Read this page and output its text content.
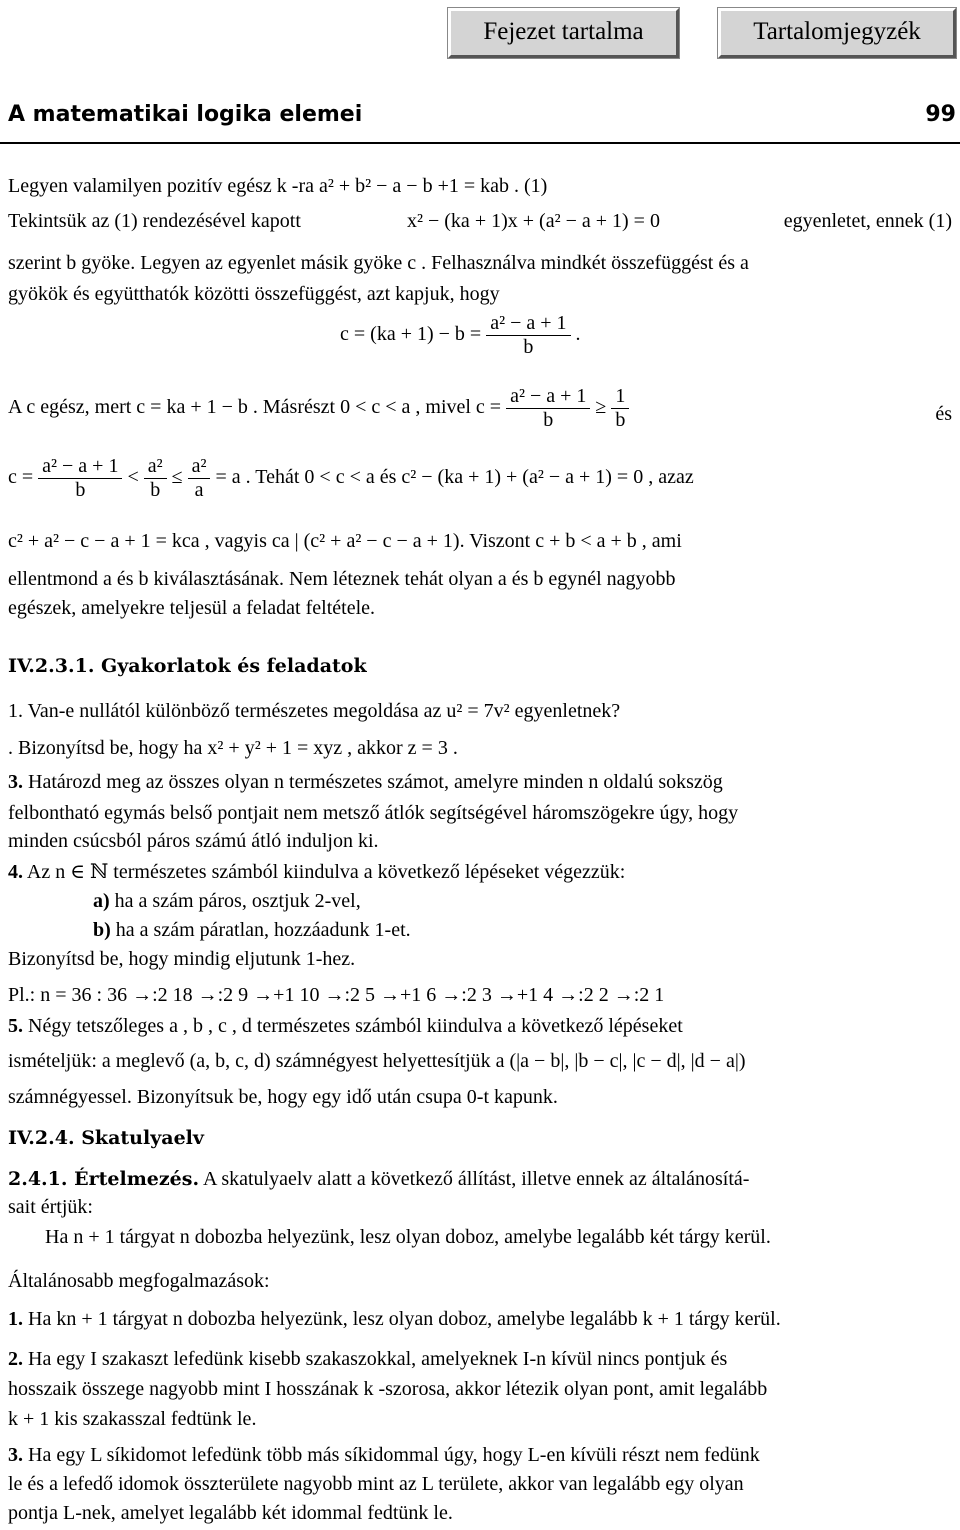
Fejezet tartalma	Tartalomjegyzék
A matematikai logika elemei	99
Legyen valamilyen pozitív egész k -ra a² + b² − a − b +1 = kab . (1)
Tekintsük az (1) rendezésével kapott	x² − (ka + 1)x + (a² − a + 1) = 0	egyenletet, ennek (1)
szerint b gyöke. Legyen az egyenlet másik gyöke c . Felhasználva mindkét összefüggést és a
gyökök és együtthatók közötti összefüggést, azt kapjuk, hogy
$c = (ka + 1) - b = \frac{\text{a² − a + 1}}{b}$ .
A c egész, mert c = ka + 1 − b . Másrészt 0 < c < a , mivel $c = \frac{\text{a² − a + 1}}{b} \ge \frac{1}{b}$	és
$c = \frac{\text{a² − a + 1}}{b} < \frac{\text{a²}}{b} \le \frac{\text{a²}}{a} = a$ . Tehát 0 < c < a és c² − (ka + 1) + (a² − a + 1) = 0 , azaz
c² + a² − c − a + 1 = kca , vagyis ca | (c² + a² − c − a + 1). Viszont c + b < a + b , ami
ellentmond a és b kiválasztásának. Nem léteznek tehát olyan a és b egynél nagyobb
egészek, amelyekre teljesül a feladat feltétele.
IV.2.3.1. Gyakorlatok és feladatok
1. Van-e nullától különböző természetes megoldása az u² = 7v² egyenletnek?
. Bizonyítsd be, hogy ha x² + y² + 1 = xyz , akkor z = 3 .
3. Határozd meg az összes olyan n természetes számot, amelyre minden n oldalú sokszög
felbontható egymás belső pontjait nem metsző átlók segítségével háromszögekre úgy, hogy
minden csúcsból páros számú átló induljon ki.
4. Az n ∈ ℕ természetes számból kiindulva a következő lépéseket végezzük:
a) ha a szám páros, osztjuk 2-vel,
b) ha a szám páratlan, hozzáadunk 1-et.
Bizonyítsd be, hogy mindig eljutunk 1-hez.
Pl.: n = 36 : 36 →:2 18 →:2 9 →+1 10 →:2 5 →+1 6 →:2 3 →+1 4 →:2 2 →:2 1
5. Négy tetszőleges a , b , c , d természetes számból kiindulva a következő lépéseket
ismételjük: a meglevő (a, b, c, d) számnégyest helyettesítjük a (|a − b|, |b − c|, |c − d|, |d − a|)
számnégyessel. Bizonyítsuk be, hogy egy idő után csupa 0-t kapunk.
IV.2.4. Skatulyaelv
2.4.1. Értelmezés. A skatulyaelv alatt a következő állítást, illetve ennek az általánosítá-
sait értjük:
Ha n + 1 tárgyat n dobozba helyezünk, lesz olyan doboz, amelybe legalább két tárgy kerül.
Általánosabb megfogalmazások:
1. Ha kn + 1 tárgyat n dobozba helyezünk, lesz olyan doboz, amelybe legalább k + 1 tárgy kerül.
2. Ha egy I szakaszt lefedünk kisebb szakaszokkal, amelyeknek I-n kívül nincs pontjuk és
hosszaik összege nagyobb mint I hosszának k -szorosa, akkor létezik olyan pont, amit legalább
k + 1 kis szakasszal fedtünk le.
3. Ha egy L síkidomot lefedünk több más síkidommal úgy, hogy L-en kívüli részt nem fedünk
le és a lefedő idomok összterülete nagyobb mint az L területe, akkor van legalább egy olyan
pontja L-nek, amelyet legalább két idommal fedtünk le.
